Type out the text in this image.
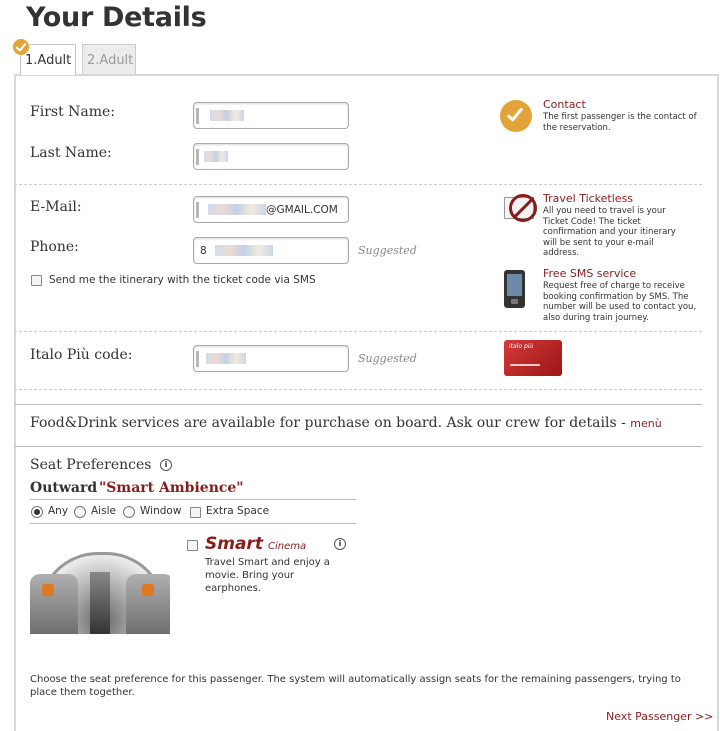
Your Details
1.Adult	2.Adult
First Name:
Last Name:
Contact
The first passenger is the contact of the reservation.
E-Mail:	@GMAIL.COM
Phone:	8	Suggested
Send me the itinerary with the ticket code via SMS
Travel Ticketless
All you need to travel is your Ticket Code! The ticket confirmation and your itinerary will be sent to your e-mail address.
Free SMS service
Request free of charge to receive booking confirmation by SMS. The number will be used to contact you, also during train journey.
Italo Più code:	Suggested
italo più
Food&Drink services are available for purchase on board. Ask our crew for details - menù
Seat Preferences	i
Outward "Smart Ambience"
Any Aisle Window Extra Space
Smart Cinema	i
Travel Smart and enjoy a movie. Bring your earphones.
Choose the seat preference for this passenger. The system will automatically assign seats for the remaining passengers, trying to place them together.
Next Passenger >>
